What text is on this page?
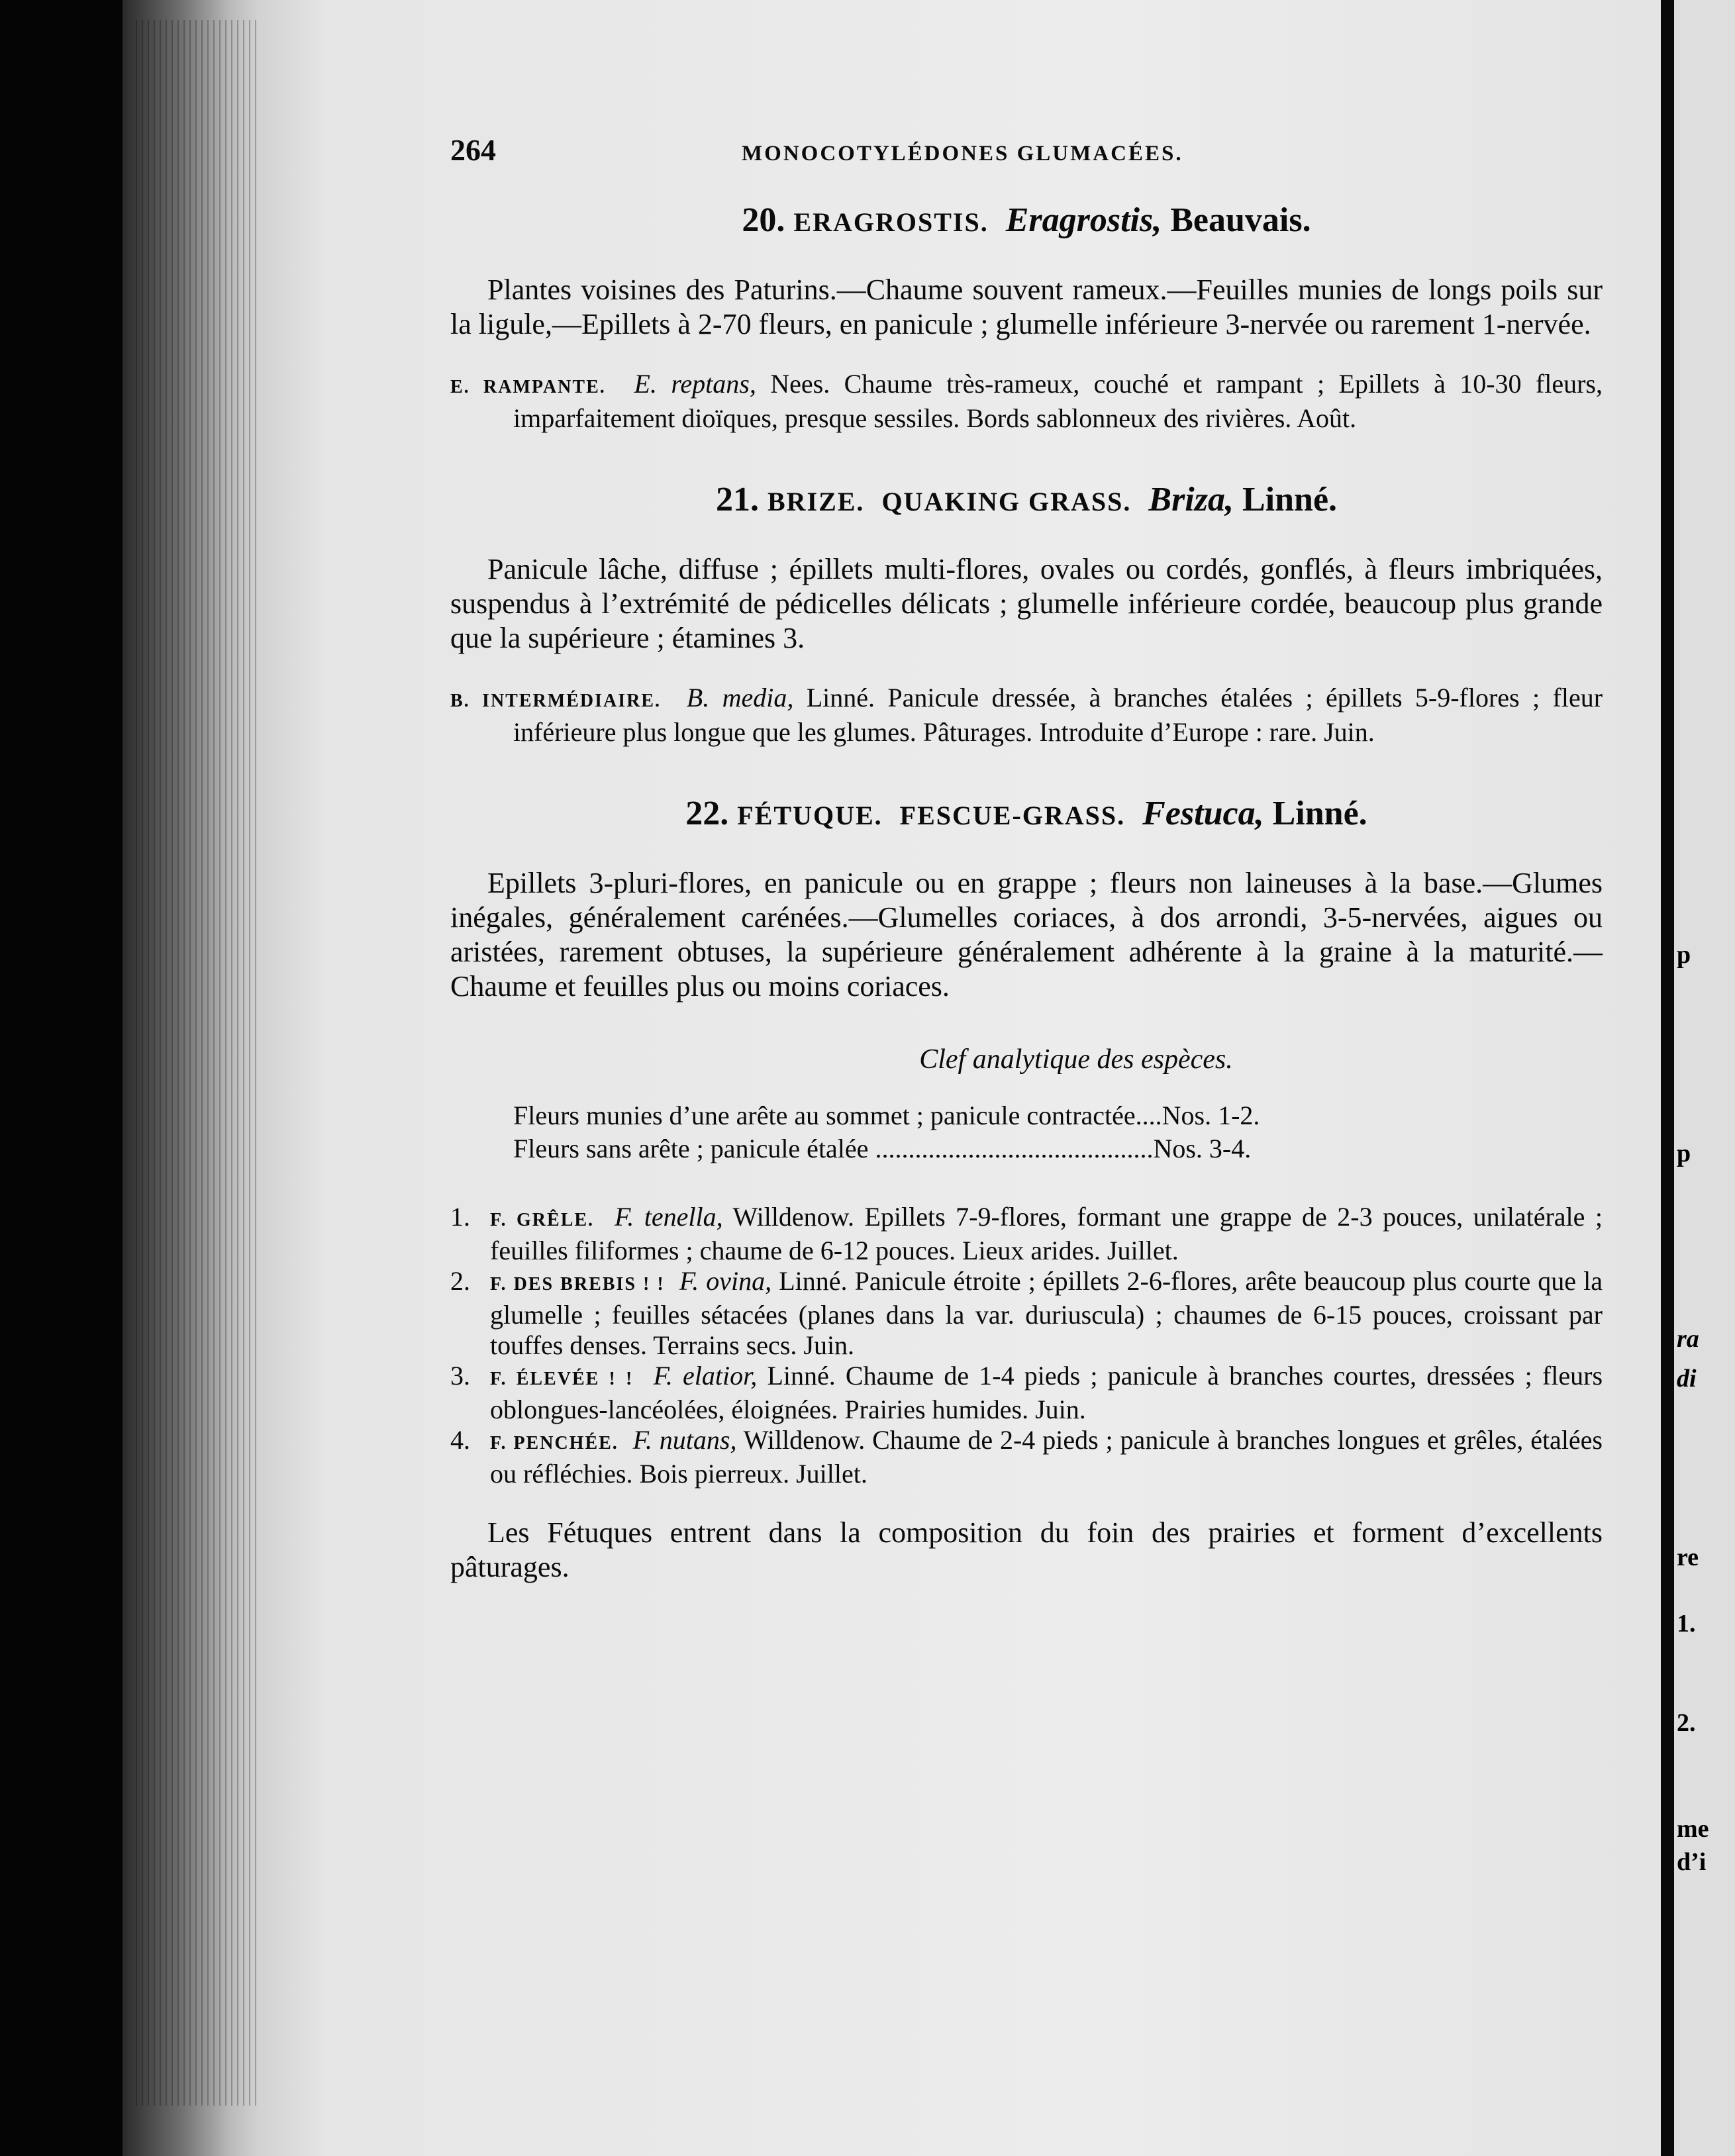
264	MONOCOTYLÉDONES GLUMACÉES.
20. ERAGROSTIS. Eragrostis, Beauvais.

Plantes voisines des Paturins.—Chaume souvent rameux.—Feuilles munies de longs poils sur la ligule,—Epillets à 2-70 fleurs, en panicule ; glumelle inférieure 3-nervée ou rarement 1-nervée.

E. RAMPANTE. E. reptans, Nees. Chaume très-rameux, couché et rampant ; Epillets à 10-30 fleurs, imparfaitement dioïques, presque sessiles. Bords sablonneux des rivières. Août.

21. BRIZE. QUAKING GRASS. Briza, Linné.

Panicule lâche, diffuse ; épillets multi-flores, ovales ou cordés, gonflés, à fleurs imbriquées, suspendus à l’extrémité de pédicelles délicats ; glumelle inférieure cordée, beaucoup plus grande que la supérieure ; étamines 3.

B. INTERMÉDIAIRE. B. media, Linné. Panicule dressée, à branches étalées ; épillets 5-9-flores ; fleur inférieure plus longue que les glumes. Pâturages. Introduite d’Europe : rare. Juin.

22. FÉTUQUE. FESCUE-GRASS. Festuca, Linné.

Epillets 3-pluri-flores, en panicule ou en grappe ; fleurs non laineuses à la base.—Glumes inégales, généralement carénées.—Glumelles coriaces, à dos arrondi, 3-5-nervées, aigues ou aristées, rarement obtuses, la supérieure généralement adhérente à la graine à la maturité.—Chaume et feuilles plus ou moins coriaces.

Clef analytique des espèces.
Fleurs munies d’une arête au sommet ; panicule contractée .... Nos. 1-2.
Fleurs sans arête ; panicule étalée .......................................... Nos. 3-4.
1.	F. GRÊLE. F. tenella, Willdenow. Epillets 7-9-flores, formant une grappe de 2-3 pouces, unilatérale ; feuilles filiformes ; chaume de 6-12 pouces. Lieux arides. Juillet.
2.	F. DES BREBIS ! ! F. ovina, Linné. Panicule étroite ; épillets 2-6-flores, arête beaucoup plus courte que la glumelle ; feuilles sétacées (planes dans la var. duriuscula) ; chaumes de 6-15 pouces, croissant par touffes denses. Terrains secs. Juin.
3.	F. ÉLEVÉE ! ! F. elatior, Linné. Chaume de 1-4 pieds ; panicule à branches courtes, dressées ; fleurs oblongues-lancéolées, éloignées. Prairies humides. Juin.
4.	F. PENCHÉE. F. nutans, Willdenow. Chaume de 2-4 pieds ; panicule à branches longues et grêles, étalées ou réfléchies. Bois pierreux. Juillet.

Les Fétuques entrent dans la composition du foin des prairies et forment d’excellents pâturages.

p
p
ra
di
re
1.
2.
me
d’i
